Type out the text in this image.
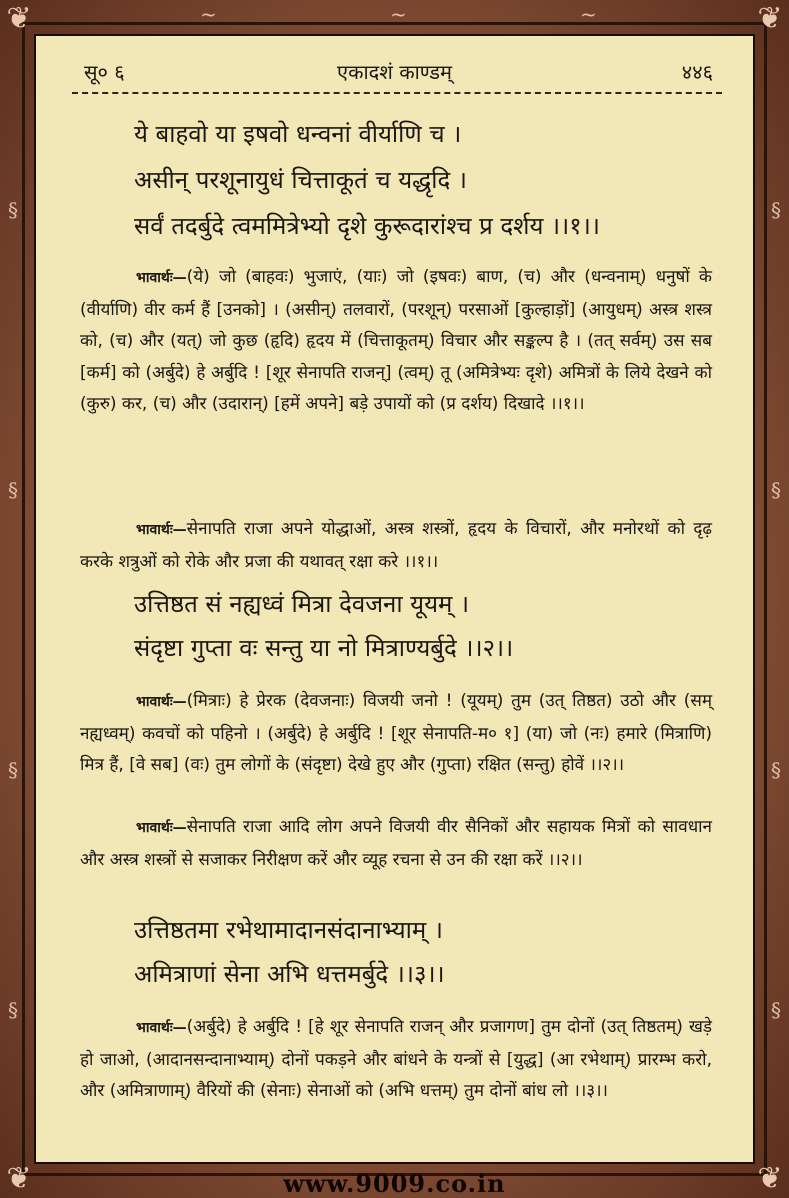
❦	❦
❦	❦
§
§
§
§
§
§
§
§
~	~	~
सू० ६	एकादशं काण्डम्	४४६
ये बाहवो या इषवो धन्वनां वीर्याणि च ।
असीन् परशूनायुधं चित्ताकूतं च यद्धृदि ।
सर्वं तदर्बुदे त्वममित्रेभ्यो दृशे कुरूदारांश्च प्र दर्शय ।।१।।
भावार्थः—(ये) जो (बाहवः) भुजाएं, (याः) जो (इषवः) बाण, (च) और (धन्वनाम्) धनुषों के (वीर्याणि) वीर कर्म हैं [उनको] । (असीन्) तलवारों, (परशून्) परसाओं [कुल्हाड़ों] (आयुधम्) अस्त्र शस्त्र को, (च) और (यत्) जो कुछ (हृदि) हृदय में (चित्ताकूतम्) विचार और सङ्कल्प है । (तत् सर्वम्) उस सब [कर्म] को (अर्बुदे) हे अर्बुदि ! [शूर सेनापति राजन्] (त्वम्) तू (अमित्रेभ्यः दृशे) अमित्रों के लिये देखने को (कुरु) कर, (च) और (उदारान्) [हमें अपने] बड़े उपायों को (प्र दर्शय) दिखादे ।।१।।
भावार्थः—सेनापति राजा अपने योद्धाओं, अस्त्र शस्त्रों, हृदय के विचारों, और मनोरथों को दृढ़ करके शत्रुओं को रोके और प्रजा की यथावत् रक्षा करे ।।१।।
उत्तिष्ठत सं नह्यध्वं मित्रा देवजना यूयम् ।
संदृष्टा गुप्ता वः सन्तु या नो मित्राण्यर्बुदे ।।२।।
भावार्थः—(मित्राः) हे प्रेरक (देवजनाः) विजयी जनो ! (यूयम्) तुम (उत् तिष्ठत) उठो और (सम् नह्यध्वम्) कवचों को पहिनो । (अर्बुदे) हे अर्बुदि ! [शूर सेनापति-म० १] (या) जो (नः) हमारे (मित्राणि) मित्र हैं, [वे सब] (वः) तुम लोगों के (संदृष्टा) देखे हुए और (गुप्ता) रक्षित (सन्तु) होवें ।।२।।
भावार्थः—सेनापति राजा आदि लोग अपने विजयी वीर सैनिकों और सहायक मित्रों को सावधान और अस्त्र शस्त्रों से सजाकर निरीक्षण करें और व्यूह रचना से उन की रक्षा करें ।।२।।
उत्तिष्ठतमा रभेथामादानसंदानाभ्याम् ।
अमित्राणां सेना अभि धत्तमर्बुदे ।।३।।
भावार्थः—(अर्बुदे) हे अर्बुदि ! [हे शूर सेनापति राजन् और प्रजागण] तुम दोनों (उत् तिष्ठतम्) खड़े हो जाओ, (आदानसन्दानाभ्याम्) दोनों पकड़ने और बांधने के यन्त्रों से [युद्ध] (आ रभेथाम्) प्रारम्भ करो, और (अमित्राणाम्) वैरियों की (सेनाः) सेनाओं को (अभि धत्तम्) तुम दोनों बांध लो ।।३।।
www.9009.co.in
